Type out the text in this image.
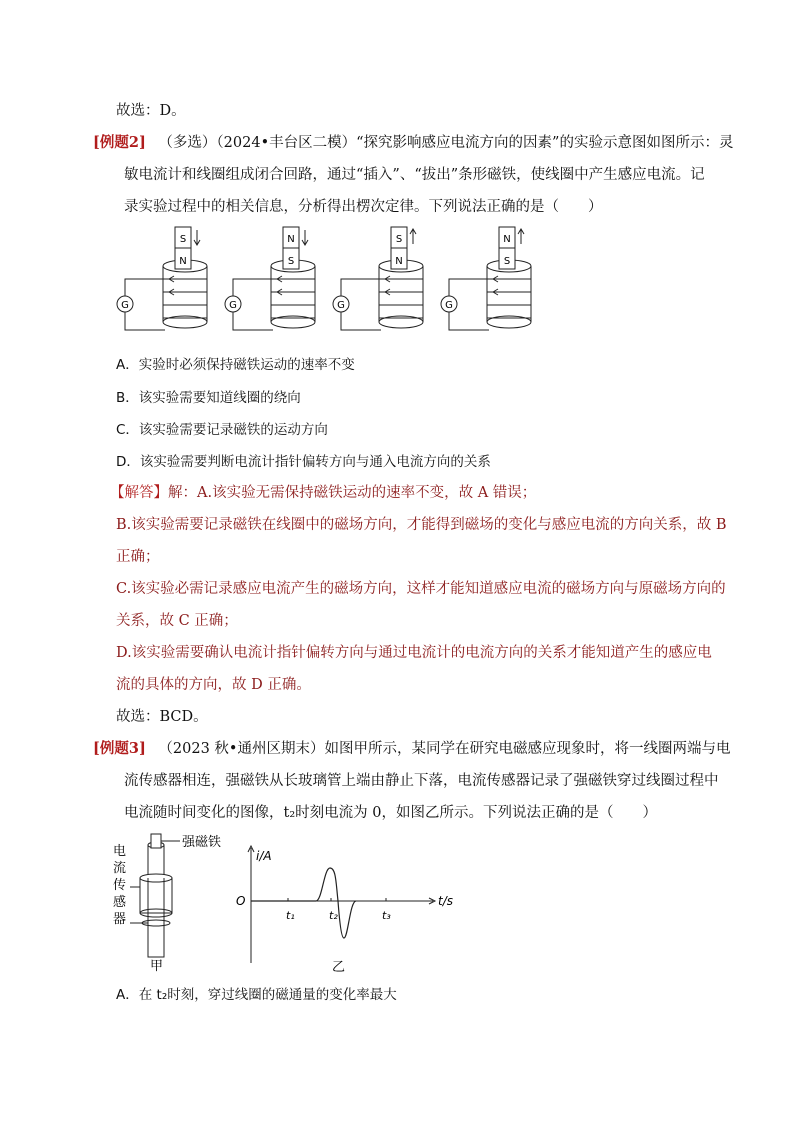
故选：D。
[例题2] （多选）（2024•丰台区二模）“探究影响感应电流方向的因素”的实验示意图如图所示：灵
敏电流计和线圈组成闭合回路，通过“插入”、“拔出”条形磁铁，使线圈中产生感应电流。记
录实验过程中的相关信息，分析得出楞次定律。下列说法正确的是（　　）
G
S
N
G
N
S
G
S
N
G
N
S
A．实验时必须保持磁铁运动的速率不变
B．该实验需要知道线圈的绕向
C．该实验需要记录磁铁的运动方向
D．该实验需要判断电流计指针偏转方向与通入电流方向的关系
【解答】解：A.该实验无需保持磁铁运动的速率不变，故 A 错误；
B.该实验需要记录磁铁在线圈中的磁场方向，才能得到磁场的变化与感应电流的方向关系，故 B
正确；
C.该实验必需记录感应电流产生的磁场方向，这样才能知道感应电流的磁场方向与原磁场方向的
关系，故 C 正确；
D.该实验需要确认电流计指针偏转方向与通过电流计的电流方向的关系才能知道产生的感应电
流的具体的方向，故 D 正确。
故选：BCD。
[例题3] （2023 秋•通州区期末）如图甲所示，某同学在研究电磁感应现象时，将一线圈两端与电
流传感器相连，强磁铁从长玻璃管上端由静止下落，电流传感器记录了强磁铁穿过线圈过程中
电流随时间变化的图像，t₂时刻电流为 0，如图乙所示。下列说法正确的是（　　）
强磁铁
电
流
传
感
器
甲
i/A
t/s
O
t₁	t₂	t₃
乙
A．在 t₂时刻，穿过线圈的磁通量的变化率最大
